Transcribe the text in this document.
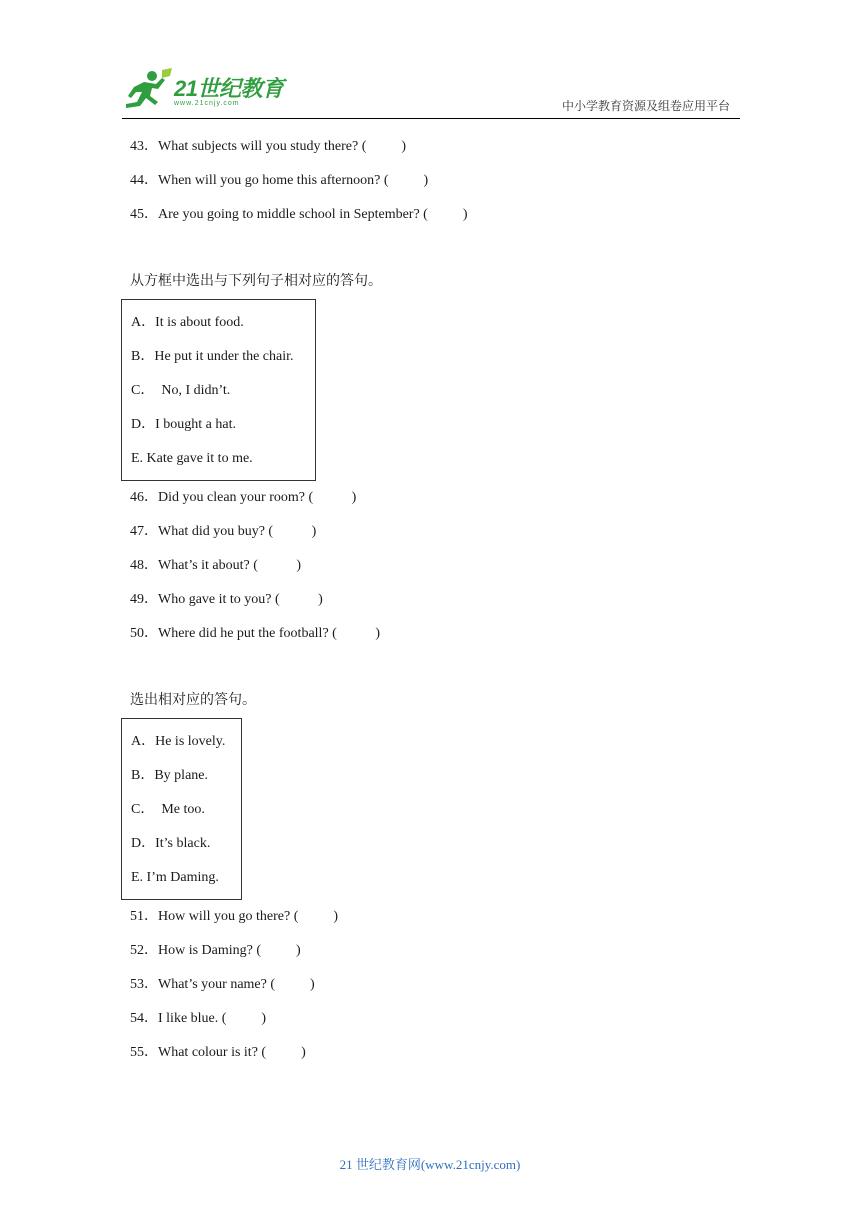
21世纪教育
www.21cnjy.com	中小学教育资源及组卷应用平台
43．What subjects will you study there? (          )
44．When will you go home this afternoon? (          )
45．Are you going to middle school in September? (          )
从方框中选出与下列句子相对应的答句。
A．It is about food.
B．He put it under the chair.
C．  No, I didn’t.
D．I bought a hat.
E. Kate gave it to me.
46．Did you clean your room? (           )
47．What did you buy? (           )
48．What’s it about? (           )
49．Who gave it to you? (           )
50．Where did he put the football? (           )
选出相对应的答句。
A．He is lovely.
B．By plane.
C．  Me too.
D．It’s black.
E. I’m Daming.
51．How will you go there? (          )
52．How is Daming? (          )
53．What’s your name? (          )
54．I like blue. (          )
55．What colour is it? (          )
21 世纪教育网(www.21cnjy.com)
